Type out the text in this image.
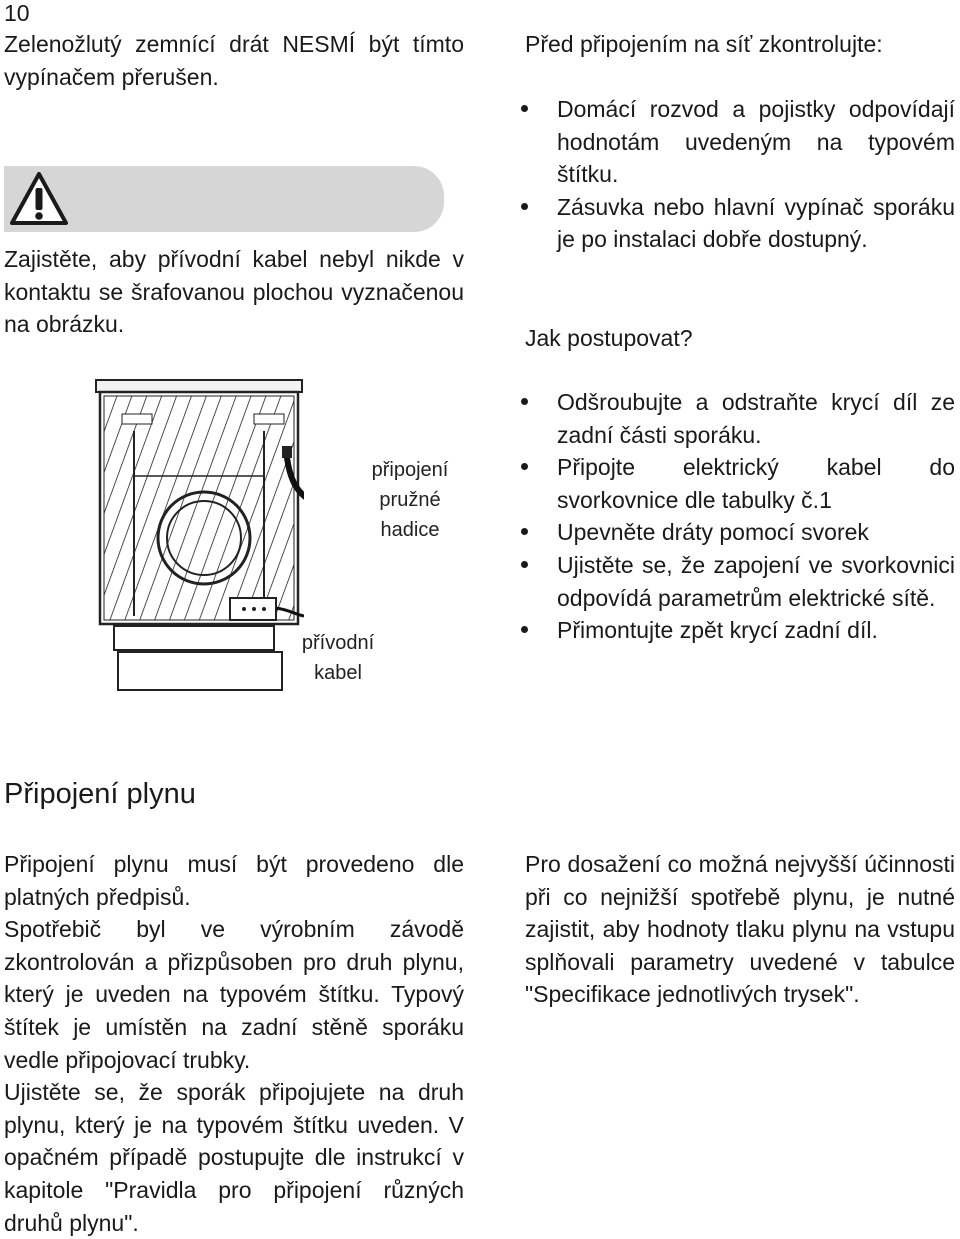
10
Zelenožlutý zemnící drát NESMÍ být tímto vypínačem přerušen.
Zajistěte, aby přívodní kabel nebyl nikde v kontaktu se šrafovanou plochou vyznačenou na obrázku.
Před připojením na síť zkontrolujte:
Domácí rozvod a pojistky odpovídají hodnotám uvedeným na typovém štítku.
Zásuvka nebo hlavní vypínač sporáku je po instalaci dobře dostupný.
Jak postupovat?
Odšroubujte a odstraňte krycí díl ze zadní části sporáku.
Připojte elektrický kabel do svorkovnice dle tabulky č.1
Upevněte dráty pomocí svorek
Ujistěte se, že zapojení ve svorkovnici odpovídá parametrům elektrické sítě.
Přimontujte zpět krycí zadní díl.
připojení
pružné
hadice
přívodní
kabel
Připojení plynu
Připojení plynu musí být provedeno dle platných předpisů.
Spotřebič byl ve výrobním závodě zkontrolován a přizpůsoben pro druh plynu, který je uveden na typovém štítku. Typový štítek je umístěn na zadní stěně sporáku vedle připojovací trubky.
Ujistěte se, že sporák připojujete na druh plynu, který je na typovém štítku uveden. V opačném případě postupujte dle instrukcí v kapitole "Pravidla pro připojení různých druhů plynu".
Pro dosažení co možná nejvyšší účinnosti při co nejnižší spotřebě plynu, je nutné zajistit, aby hodnoty tlaku plynu na vstupu splňovali parametry uvedené v tabulce "Specifikace jednotlivých trysek".
